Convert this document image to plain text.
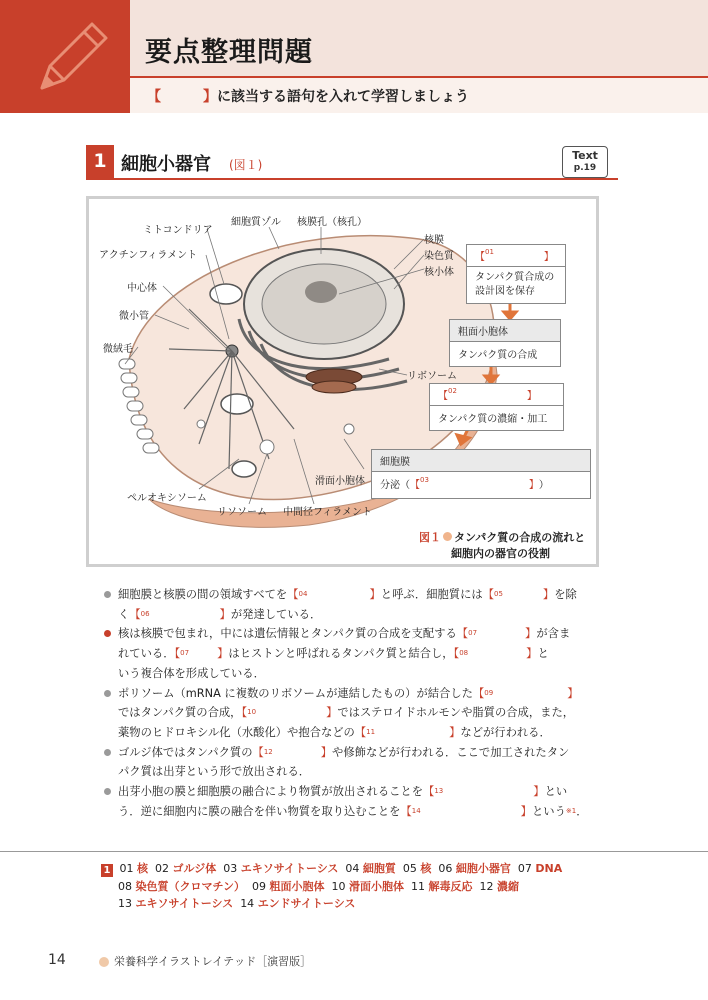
要点整理問題
【　　　】に該当する語句を入れて学習しましょう
1 細胞小器官 (図１)
Text
p.19
ミトコンドリア
細胞質ゾル 核膜孔（核孔）
アクチンフィラメント
核膜
染色質
核小体
中心体
微小管
微絨毛
リボソーム
滑面小胞体
ペルオキシソーム
リソソーム 中間径フィラメント
【$^{01}$　　　　　】
タンパク質合成の
設計図を保存
粗面小胞体
タンパク質の合成
【$^{02}$　　　　　　　】
タンパク質の濃縮・加工
細胞膜
分泌（【$^{03}$　　　　　　　　　　】）
図１ タンパク質の合成の流れと
細胞内の器官の役割
細胞膜と核膜の間の領域すべてを【$^{04}$	】と呼ぶ．細胞質には【$^{05}$	】を除
く【$^{06}$	】が発達している．
核は核膜で包まれ，中には遺伝情報とタンパク質の合成を支配する【$^{07}$	】が含ま
れている．【$^{07}$ 】はヒストンと呼ばれるタンパク質と結合し，【$^{08}$	】と
いう複合体を形成している．
ポリソーム（mRNA に複数のリボソームが連結したもの）が結合した【$^{09}$	】
ではタンパク質の合成，【$^{10}$	】ではステロイドホルモンや脂質の合成，また，
薬物のヒドロキシル化（水酸化）や抱合などの【$^{11}$	】などが行われる．
ゴルジ体ではタンパク質の【$^{12}$	】や修飾などが行われる．ここで加工されたタン
パク質は出芽という形で放出される．
出芽小胞の膜と細胞膜の融合により物質が放出されることを【$^{13}$	】とい
う．逆に細胞内に膜の融合を伴い物質を取り込むことを【$^{14}$	】という$^{※1}$．
1 01 核 02 ゴルジ体 03 エキソサイトーシス 04 細胞質 05 核 06 細胞小器官 07 DNA
08 染色質（クロマチン） 09 粗面小胞体 10 滑面小胞体 11 解毒反応 12 濃縮
13 エキソサイトーシス 14 エンドサイトーシス
14	栄養科学イラストレイテッド［演習版］
